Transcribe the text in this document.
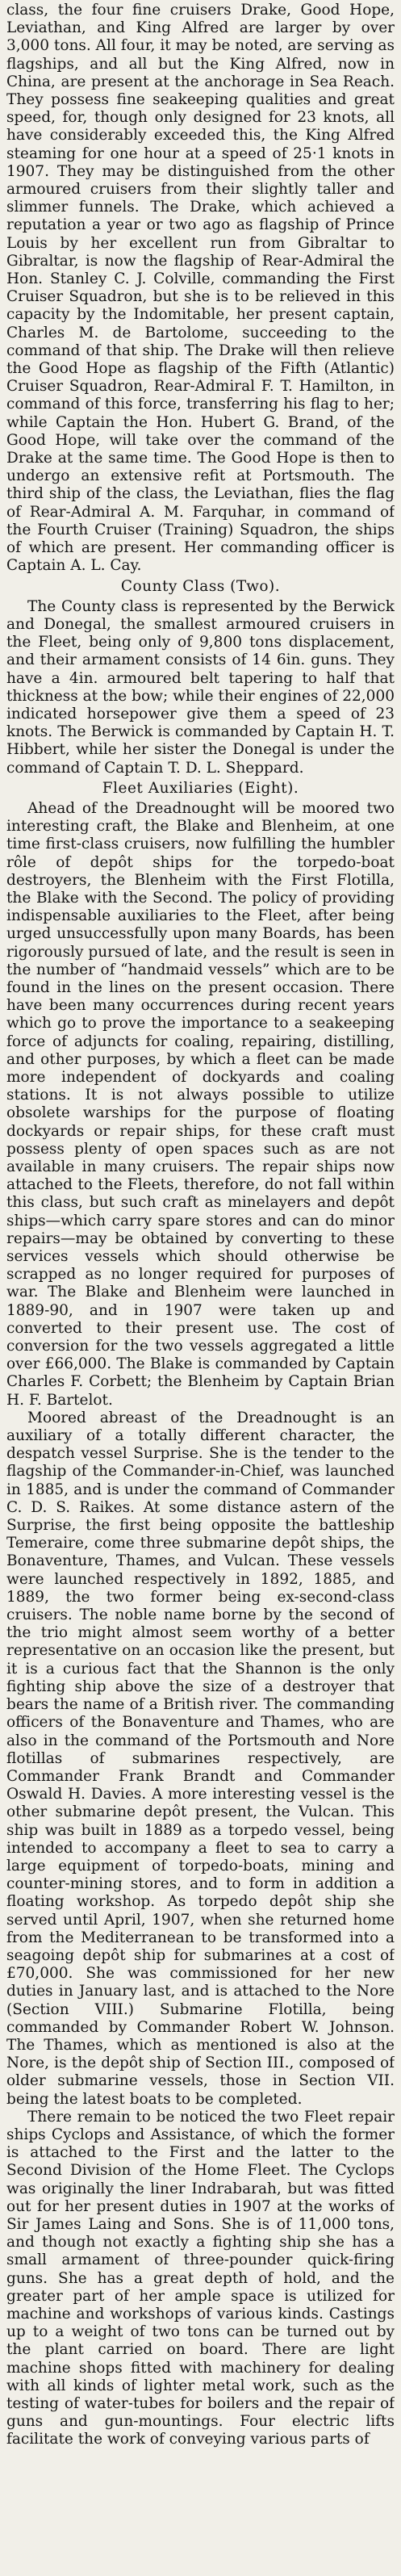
class, the four fine cruisers Drake, Good Hope, Leviathan, and King Alfred are larger by over 3,000 tons. All four, it may be noted, are serving as flagships, and all but the King Alfred, now in China, are present at the anchorage in Sea Reach. They possess fine seakeeping qualities and great speed, for, though only designed for 23 knots, all have considerably exceeded this, the King Alfred steaming for one hour at a speed of 25·1 knots in 1907. They may be distinguished from the other armoured cruisers from their slightly taller and slimmer funnels. The Drake, which achieved a reputation a year or two ago as flagship of Prince Louis by her excellent run from Gibraltar to Gibraltar, is now the flagship of Rear-Admiral the Hon. Stanley C. J. Colville, commanding the First Cruiser Squadron, but she is to be relieved in this capacity by the Indomitable, her present captain, Charles M. de Bartolome, succeeding to the command of that ship. The Drake will then relieve the Good Hope as flagship of the Fifth (Atlantic) Cruiser Squadron, Rear-Admiral F. T. Hamilton, in command of this force, transferring his flag to her; while Captain the Hon. Hubert G. Brand, of the Good Hope, will take over the command of the Drake at the same time. The Good Hope is then to undergo an extensive refit at Portsmouth. The third ship of the class, the Leviathan, flies the flag of Rear-Admiral A. M. Farquhar, in command of the Fourth Cruiser (Training) Squadron, the ships of which are present. Her commanding officer is Captain A. L. Cay.

County Class (Two).

The County class is represented by the Berwick and Donegal, the smallest armoured cruisers in the Fleet, being only of 9,800 tons displacement, and their armament consists of 14 6in. guns. They have a 4in. armoured belt tapering to half that thickness at the bow; while their engines of 22,000 indicated horsepower give them a speed of 23 knots. The Berwick is commanded by Captain H. T. Hibbert, while her sister the Donegal is under the command of Captain T. D. L. Sheppard.

Fleet Auxiliaries (Eight).

Ahead of the Dreadnought will be moored two interesting craft, the Blake and Blenheim, at one time first-class cruisers, now fulfilling the humbler rôle of depôt ships for the torpedo-boat destroyers, the Blenheim with the First Flotilla, the Blake with the Second. The policy of providing indispensable auxiliaries to the Fleet, after being urged unsuccessfully upon many Boards, has been rigorously pursued of late, and the result is seen in the number of “handmaid vessels” which are to be found in the lines on the present occasion. There have been many occurrences during recent years which go to prove the importance to a seakeeping force of adjuncts for coaling, repairing, distilling, and other purposes, by which a fleet can be made more independent of dockyards and coaling stations. It is not always possible to utilize obsolete warships for the purpose of floating dockyards or repair ships, for these craft must possess plenty of open spaces such as are not available in many cruisers. The repair ships now attached to the Fleets, therefore, do not fall within this class, but such craft as minelayers and depôt ships—which carry spare stores and can do minor repairs—may be obtained by converting to these services vessels which should otherwise be scrapped as no longer required for purposes of war. The Blake and Blenheim were launched in 1889-90, and in 1907 were taken up and converted to their present use. The cost of conversion for the two vessels aggregated a little over £66,000. The Blake is commanded by Captain Charles F. Corbett; the Blenheim by Captain Brian H. F. Bartelot.

Moored abreast of the Dreadnought is an auxiliary of a totally different character, the despatch vessel Surprise. She is the tender to the flagship of the Commander-in-Chief, was launched in 1885, and is under the command of Commander C. D. S. Raikes. At some distance astern of the Surprise, the first being opposite the battleship Temeraire, come three submarine depôt ships, the Bonaventure, Thames, and Vulcan. These vessels were launched respectively in 1892, 1885, and 1889, the two former being ex-second-class cruisers. The noble name borne by the second of the trio might almost seem worthy of a better representative on an occasion like the present, but it is a curious fact that the Shannon is the only fighting ship above the size of a destroyer that bears the name of a British river. The commanding officers of the Bonaventure and Thames, who are also in the command of the Portsmouth and Nore flotillas of submarines respectively, are Commander Frank Brandt and Commander Oswald H. Davies. A more interesting vessel is the other submarine depôt present, the Vulcan. This ship was built in 1889 as a torpedo vessel, being intended to accompany a fleet to sea to carry a large equipment of torpedo-boats, mining and counter-mining stores, and to form in addition a floating workshop. As torpedo depôt ship she served until April, 1907, when she returned home from the Mediterranean to be transformed into a seagoing depôt ship for submarines at a cost of £70,000. She was commissioned for her new duties in January last, and is attached to the Nore (Section VIII.) Submarine Flotilla, being commanded by Commander Robert W. Johnson. The Thames, which as mentioned is also at the Nore, is the depôt ship of Section III., composed of older submarine vessels, those in Section VII. being the latest boats to be completed.

There remain to be noticed the two Fleet repair ships Cyclops and Assistance, of which the former is attached to the First and the latter to the Second Division of the Home Fleet. The Cyclops was originally the liner Indrabarah, but was fitted out for her present duties in 1907 at the works of Sir James Laing and Sons. She is of 11,000 tons, and though not exactly a fighting ship she has a small armament of three-pounder quick-firing guns. She has a great depth of hold, and the greater part of her ample space is utilized for machine and workshops of various kinds. Castings up to a weight of two tons can be turned out by the plant carried on board. There are light machine shops fitted with machinery for dealing with all kinds of lighter metal work, such as the testing of water-tubes for boilers and the repair of guns and gun-mountings. Four electric lifts facilitate the work of conveying various parts of
